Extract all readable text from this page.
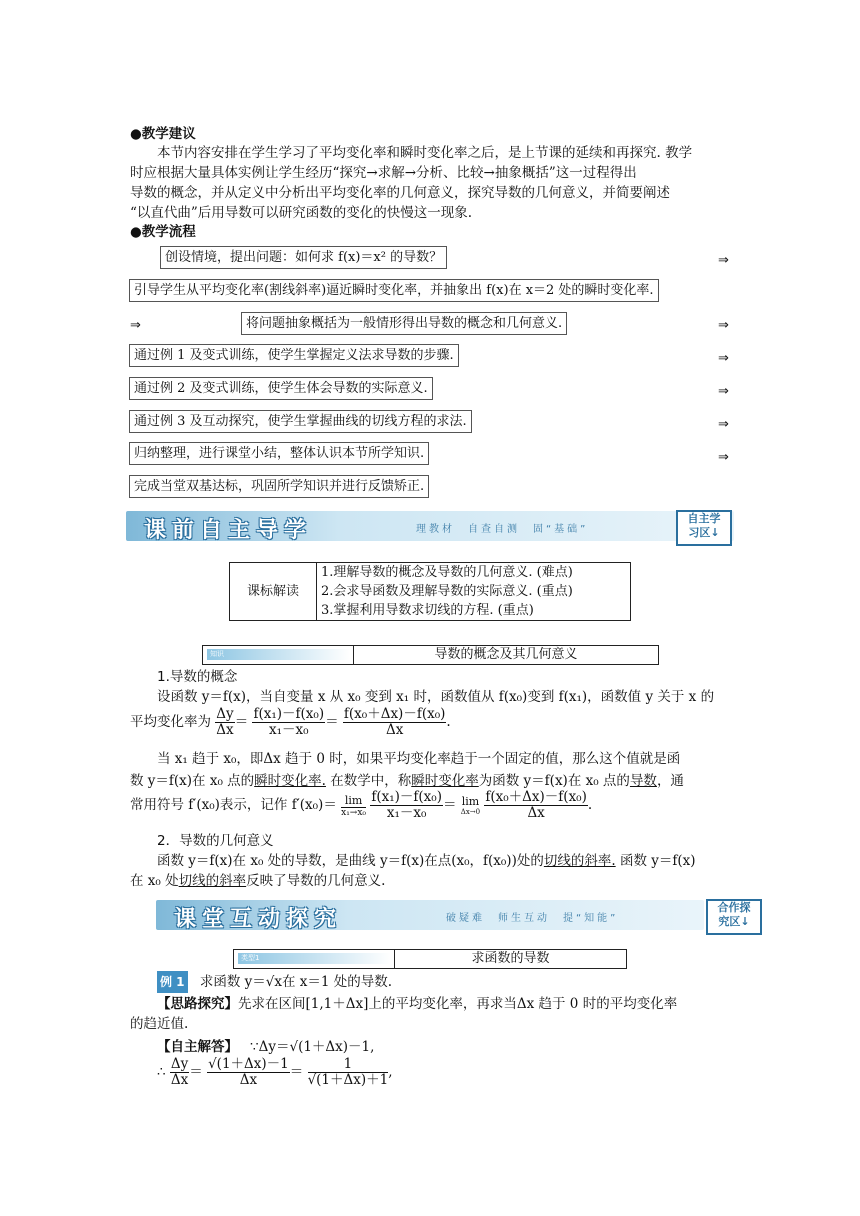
●教学建议
本节内容安排在学生学习了平均变化率和瞬时变化率之后，是上节课的延续和再探究. 教学
时应根据大量具体实例让学生经历“探究→求解→分析、比较→抽象概括”这一过程得出
导数的概念，并从定义中分析出平均变化率的几何意义，探究导数的几何意义，并简要阐述
“以直代曲”后用导数可以研究函数的变化的快慢这一现象.
●教学流程
创设情境，提出问题：如何求 f(x)＝x² 的导数？	⇒
引导学生从平均变化率(割线斜率)逼近瞬时变化率，并抽象出 f(x)在 x＝2 处的瞬时变化率.
⇒	将问题抽象概括为一般情形得出导数的概念和几何意义.	⇒
通过例 1 及变式训练，使学生掌握定义法求导数的步骤.	⇒
通过例 2 及变式训练，使学生体会导数的实际意义.	⇒
通过例 3 及互动探究，使学生掌握曲线的切线方程的求法.	⇒
归纳整理，进行课堂小结，整体认识本节所学知识.	⇒
完成当堂双基达标，巩固所学知识并进行反馈矫正.
课前自主导学	理教材　自查自测　固“基础”
自主学
习区↓
课标解读	1.理解导数的概念及导数的几何意义. (难点)
2.会求导函数及理解导数的实际意义. (重点)
3.掌握利用导数求切线的方程. (重点)
知识	导数的概念及其几何意义
1.导数的概念
设函数 y＝f(x)，当自变量 x 从 x₀ 变到 x₁ 时，函数值从 f(x₀)变到 f(x₁)，函数值 y 关于 x 的
平均变化率为 $\frac{\Delta y}{\Delta x} = \frac{\text{f(x₁)－f(x₀)}}{\text{x₁－x₀}} = \frac{\text{f(x₀＋Δx)－f(x₀)}}{\Delta x}$ .
当 x₁ 趋于 x₀，即Δx 趋于 0 时，如果平均变化率趋于一个固定的值，那么这个值就是函
数 y＝f(x)在 x₀ 点的瞬时变化率. 在数学中，称瞬时变化率为函数 y＝f(x)在 x₀ 点的导数，通
常用符号 f′(x₀)表示，记作 $f'(x_0)= \frac{\lim}{\text{x₁→x₀}}$
$\frac{\text{f(x₁)－f(x₀)}}{\text{x₁－x₀}} = \lim$
Δx→0
$\frac{\text{f(x₀＋Δx)－f(x₀)}}{\Delta x}$ .
2．导数的几何意义
函数 y＝f(x)在 x₀ 处的导数，是曲线 y＝f(x)在点(x₀，f(x₀))处的切线的斜率. 函数 y＝f(x)
在 x₀ 处切线的斜率反映了导数的几何意义.
课堂互动探究	破疑难　师生互动　提“知能”
合作探
究区↓
类型1	求函数的导数
例 1 求函数 y＝√x在 x＝1 处的导数.
【思路探究】先求在区间[1,1＋Δx]上的平均变化率，再求当Δx 趋于 0 时的平均变化率
的趋近值.
【自主解答】 ∵Δy＝√(1＋Δx)－1,
∴ $\frac{\Delta y}{\Delta x} = \frac{√(1+\Delta x)-1}{\Delta x} = \frac{1}{√(1+\Delta x)+1}$ ,
